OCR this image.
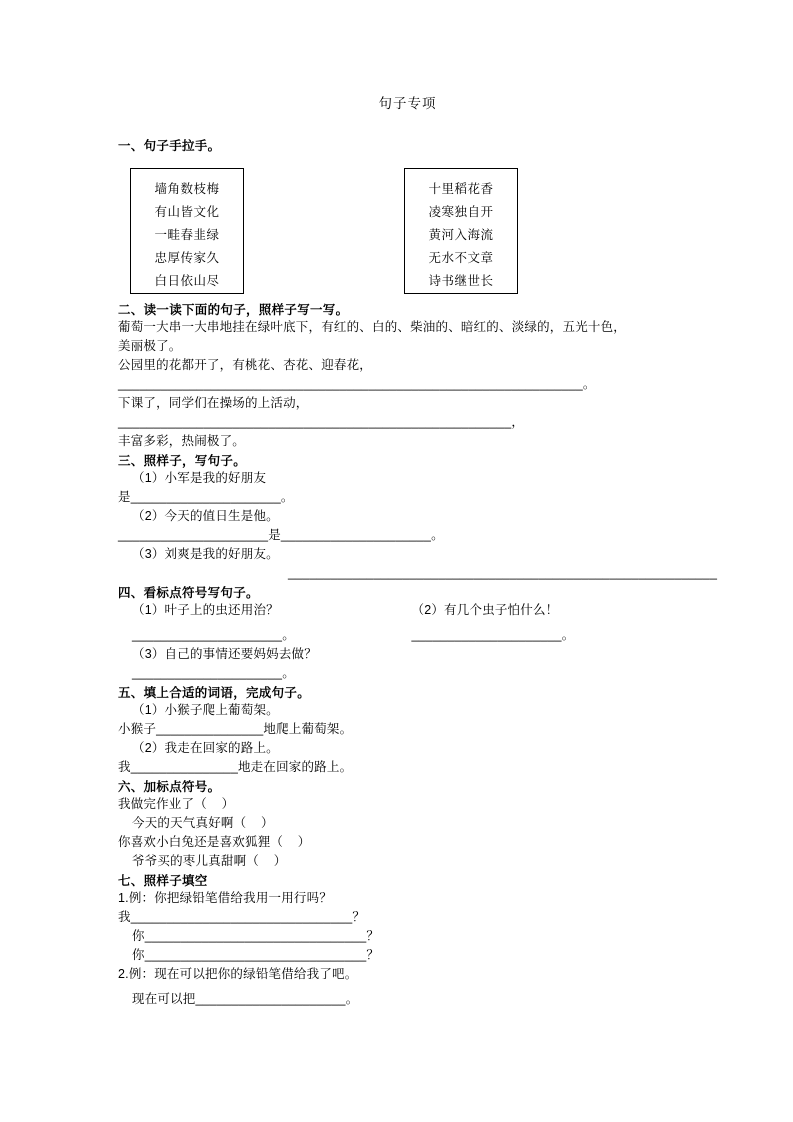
句子专项
一、句子手拉手。
墙角数枝梅
有山皆文化
一畦春韭绿
忠厚传家久
白日依山尽
十里稻花香
凌寒独自开
黄河入海流
无水不文章
诗书继世长
二、读一读下面的句子，照样子写一写。
葡萄一大串一大串地挂在绿叶底下，有红的、白的、柴油的、暗红的、淡绿的，五光十色，
美丽极了。
公园里的花都开了，有桃花、杏花、迎春花，
_________________________________________________________________。
下课了，同学们在操场的上活动，_______________________________________________________，
丰富多彩，热闹极了。
三、照样子，写句子。
（1）小军是我的好朋友
是_____________________。
（2）今天的值日生是他。
_____________________是_____________________。
（3）刘爽是我的好朋友。
____________________________________________________________
四、看标点符号写句子。
（1）叶子上的虫还用治？
_____________________。
（2）有几个虫子怕什么！
_____________________。
（3）自己的事情还要妈妈去做？
_____________________。
五、填上合适的词语，完成句子。
（1）小猴子爬上葡萄架。
小猴子_______________地爬上葡萄架。
（2）我走在回家的路上。
我_______________地走在回家的路上。
六、加标点符号。
我做完作业了（    ）
今天的天气真好啊（    ）
你喜欢小白兔还是喜欢狐狸（    ）
爷爷买的枣儿真甜啊（    ）
七、照样子填空
1.例：你把绿铅笔借给我用一用行吗？
我_______________________________？
你_______________________________？
你_______________________________？
2.例：现在可以把你的绿铅笔借给我了吧。
现在可以把_____________________。
